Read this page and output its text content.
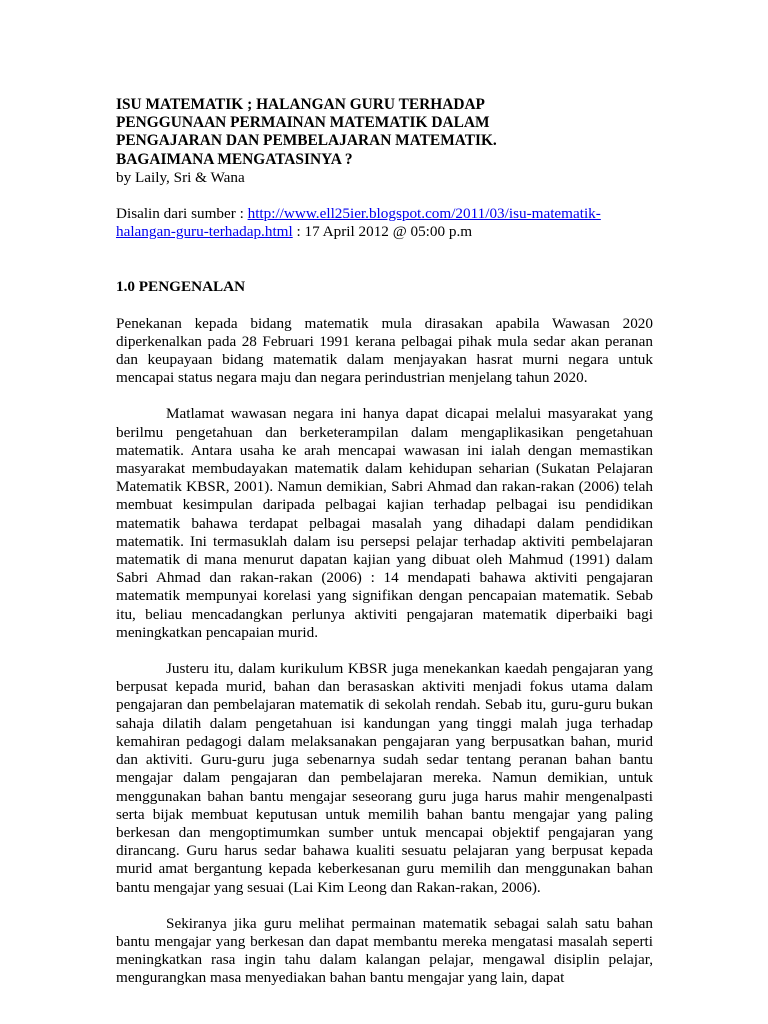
ISU MATEMATIK ; HALANGAN GURU TERHADAP
PENGGUNAAN PERMAINAN MATEMATIK DALAM
PENGAJARAN DAN PEMBELAJARAN MATEMATIK.
BAGAIMANA MENGATASINYA ?
by Laily, Sri & Wana
Disalin dari sumber : http://www.ell25ier.blogspot.com/2011/03/isu-matematik-halangan-guru-terhadap.html : 17 April 2012 @ 05:00 p.m
1.0 PENGENALAN

Penekanan kepada bidang matematik mula dirasakan apabila Wawasan 2020 diperkenalkan pada 28 Februari 1991 kerana pelbagai pihak mula sedar akan peranan dan keupayaan bidang matematik dalam menjayakan hasrat murni negara untuk mencapai status negara maju dan negara perindustrian menjelang tahun 2020.

Matlamat wawasan negara ini hanya dapat dicapai melalui masyarakat yang berilmu pengetahuan dan berketerampilan dalam mengaplikasikan pengetahuan matematik. Antara usaha ke arah mencapai wawasan ini ialah dengan memastikan masyarakat membudayakan matematik dalam kehidupan seharian (Sukatan Pelajaran Matematik KBSR, 2001). Namun demikian, Sabri Ahmad dan rakan-rakan (2006) telah membuat kesimpulan daripada pelbagai kajian terhadap pelbagai isu pendidikan matematik bahawa terdapat pelbagai masalah yang dihadapi dalam pendidikan matematik. Ini termasuklah dalam isu persepsi pelajar terhadap aktiviti pembelajaran matematik di mana menurut dapatan kajian yang dibuat oleh Mahmud (1991) dalam Sabri Ahmad dan rakan-rakan (2006) : 14 mendapati bahawa aktiviti pengajaran matematik mempunyai korelasi yang signifikan dengan pencapaian matematik. Sebab itu, beliau mencadangkan perlunya aktiviti pengajaran matematik diperbaiki bagi meningkatkan pencapaian murid.

Justeru itu, dalam kurikulum KBSR juga menekankan kaedah pengajaran yang berpusat kepada murid, bahan dan berasaskan aktiviti menjadi fokus utama dalam pengajaran dan pembelajaran matematik di sekolah rendah. Sebab itu, guru-guru bukan sahaja dilatih dalam pengetahuan isi kandungan yang tinggi malah juga terhadap kemahiran pedagogi dalam melaksanakan pengajaran yang berpusatkan bahan, murid dan aktiviti. Guru-guru juga sebenarnya sudah sedar tentang peranan bahan bantu mengajar dalam pengajaran dan pembelajaran mereka. Namun demikian, untuk menggunakan bahan bantu mengajar seseorang guru juga harus mahir mengenalpasti serta bijak membuat keputusan untuk memilih bahan bantu mengajar yang paling berkesan dan mengoptimumkan sumber untuk mencapai objektif pengajaran yang dirancang. Guru harus sedar bahawa kualiti sesuatu pelajaran yang berpusat kepada murid amat bergantung kepada keberkesanan guru memilih dan menggunakan bahan bantu mengajar yang sesuai (Lai Kim Leong dan Rakan-rakan, 2006).

Sekiranya jika guru melihat permainan matematik sebagai salah satu bahan bantu mengajar yang berkesan dan dapat membantu mereka mengatasi masalah seperti meningkatkan rasa ingin tahu dalam kalangan pelajar, mengawal disiplin pelajar, mengurangkan masa menyediakan bahan bantu mengajar yang lain, dapat
